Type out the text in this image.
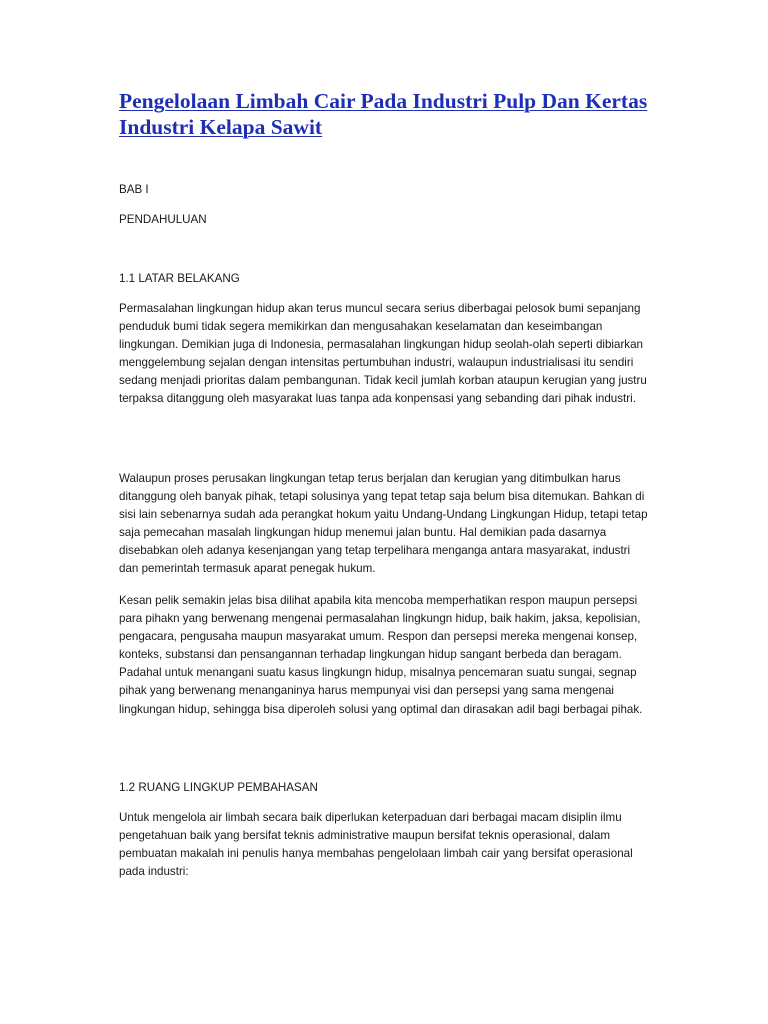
Pengelolaan Limbah Cair Pada Industri Pulp Dan Kertas Industri Kelapa Sawit

BAB I

PENDAHULUAN

1.1 LATAR BELAKANG

Permasalahan lingkungan hidup akan terus muncul secara serius diberbagai pelosok bumi sepanjang penduduk bumi tidak segera memikirkan dan mengusahakan keselamatan dan keseimbangan lingkungan. Demikian juga di Indonesia, permasalahan lingkungan hidup seolah-olah seperti dibiarkan menggelembung sejalan dengan intensitas pertumbuhan industri, walaupun industrialisasi itu sendiri sedang menjadi prioritas dalam pembangunan. Tidak kecil jumlah korban ataupun kerugian yang justru terpaksa ditanggung oleh masyarakat luas tanpa ada konpensasi yang sebanding dari pihak industri.

Walaupun proses perusakan lingkungan tetap terus berjalan dan kerugian yang ditimbulkan harus ditanggung oleh banyak pihak, tetapi solusinya yang tepat tetap saja belum bisa ditemukan. Bahkan di sisi lain sebenarnya sudah ada perangkat hokum yaitu Undang-Undang Lingkungan Hidup, tetapi tetap saja pemecahan masalah lingkungan hidup menemui jalan buntu. Hal demikian pada dasarnya disebabkan oleh adanya kesenjangan yang tetap terpelihara menganga antara masyarakat, industri dan pemerintah termasuk aparat penegak hukum.

Kesan pelik semakin jelas bisa dilihat apabila kita mencoba memperhatikan respon maupun persepsi para pihakn yang berwenang mengenai permasalahan lingkungn hidup, baik hakim, jaksa, kepolisian, pengacara, pengusaha maupun masyarakat umum. Respon dan persepsi mereka mengenai konsep, konteks, substansi dan pensangannan terhadap lingkungan hidup sangant berbeda dan beragam. Padahal untuk menangani suatu kasus lingkungn hidup, misalnya pencemaran suatu sungai, segnap pihak yang berwenang menanganinya harus mempunyai visi dan persepsi yang sama mengenai lingkungan hidup, sehingga bisa diperoleh solusi yang optimal dan dirasakan adil bagi berbagai pihak.

1.2 RUANG LINGKUP PEMBAHASAN

Untuk mengelola air limbah secara baik diperlukan keterpaduan dari berbagai macam disiplin ilmu pengetahuan baik yang bersifat teknis administrative maupun bersifat teknis operasional, dalam pembuatan makalah ini penulis hanya membahas pengelolaan limbah cair yang bersifat operasional pada industri:
